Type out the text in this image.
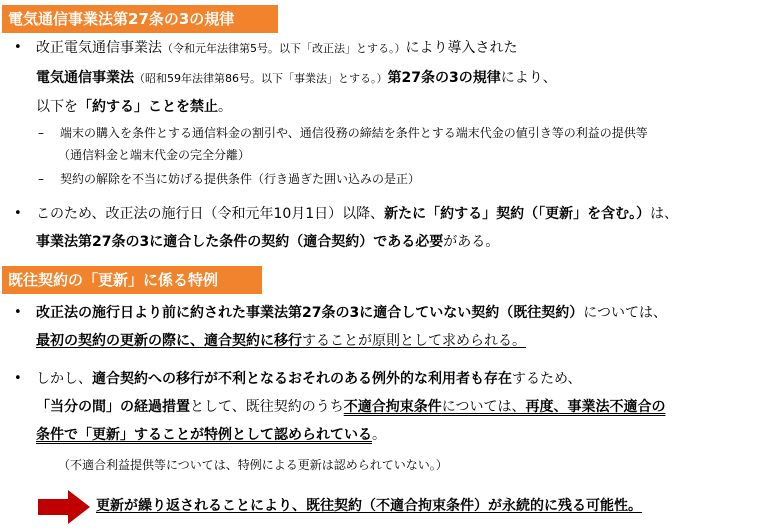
電気通信事業法第27条の3の規律
• 改正電気通信事業法（令和元年法律第5号。以下「改正法」とする。）により導入された
電気通信事業法（昭和59年法律第86号。以下「事業法」とする。）第27条の3の規律により、
以下を「約する」ことを禁止。
– 端末の購入を条件とする通信料金の割引や、通信役務の締結を条件とする端末代金の値引き等の利益の提供等
（通信料金と端末代金の完全分離）
– 契約の解除を不当に妨げる提供条件（行き過ぎた囲い込みの是正）
• このため、改正法の施行日（令和元年10月1日）以降、新たに「約する」契約（「更新」を含む。）は、
事業法第27条の3に適合した条件の契約（適合契約）である必要がある。
既往契約の「更新」に係る特例
• 改正法の施行日より前に約された事業法第27条の3に適合していない契約（既往契約）については、
最初の契約の更新の際に、適合契約に移行することが原則として求められる。
• しかし、適合契約への移行が不利となるおそれのある例外的な利用者も存在するため、
「当分の間」の経過措置として、既往契約のうち不適合拘束条件については、再度、事業法不適合の
条件で「更新」することが特例として認められている。
（不適合利益提供等については、特例による更新は認められていない。）
更新が繰り返されることにより、既往契約（不適合拘束条件）が永続的に残る可能性。
